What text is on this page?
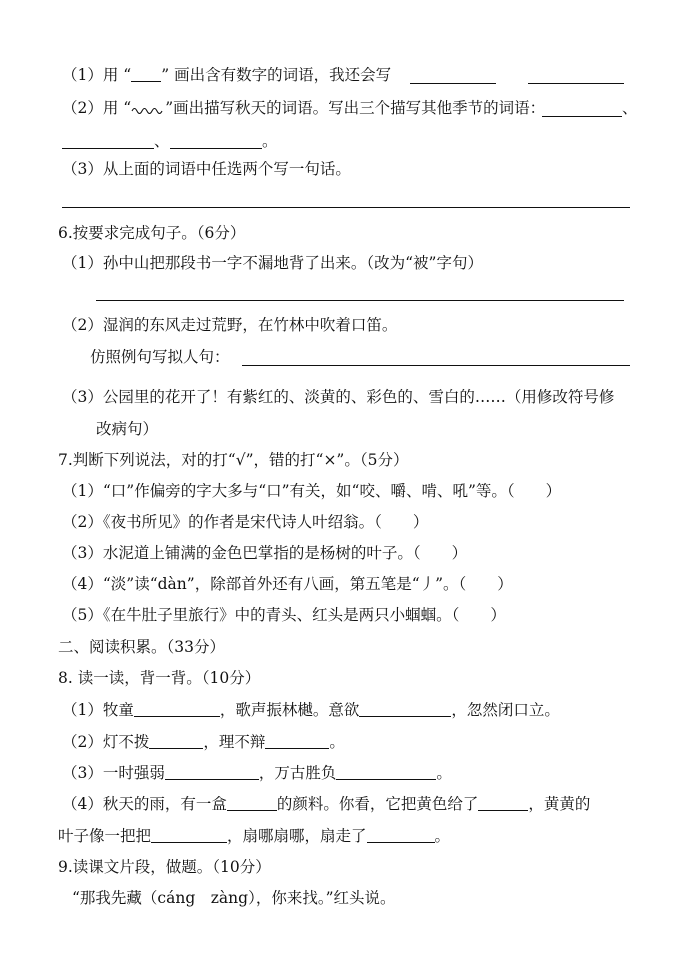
（1）用 “ ” 画出含有数字的词语，我还会写
（2）用 “ ”画出描写秋天的词语。写出三个描写其他季节的词语：	、
、	。
（3）从上面的词语中任选两个写一句话。
6.按要求完成句子。（6分）
（1）孙中山把那段书一字不漏地背了出来。（改为“被”字句）
（2）湿润的东风走过荒野，在竹林中吹着口笛。
仿照例句写拟人句：
（3）公园里的花开了！有紫红的、淡黄的、彩色的、雪白的……（用修改符号修
改病句）
7.判断下列说法，对的打“√”，错的打“×”。（5分）
（1）“口”作偏旁的字大多与“口”有关，如“咬、嚼、啃、吼”等。（　　）
（2）《夜书所见》的作者是宋代诗人叶绍翁。（　　）
（3）水泥道上铺满的金色巴掌指的是杨树的叶子。（　　）
（4）“淡”读“dàn”，除部首外还有八画，第五笔是“丿”。（　　）
（5）《在牛肚子里旅行》中的青头、红头是两只小蝈蝈。（　　）
二、阅读积累。（33分）
8. 读一读，背一背。（10分）
（1）牧童	，歌声振林樾。意欲	，忽然闭口立。
（2）灯不拨	，理不辩	。
（3）一时强弱	，万古胜负	。
（4）秋天的雨，有一盒	的颜料。你看，它把黄色给了	，黄黄的
叶子像一把把	，扇哪扇哪，扇走了	。
9.读课文片段，做题。（10分）
“那我先藏（cáng　zàng），你来找。”红头说。
